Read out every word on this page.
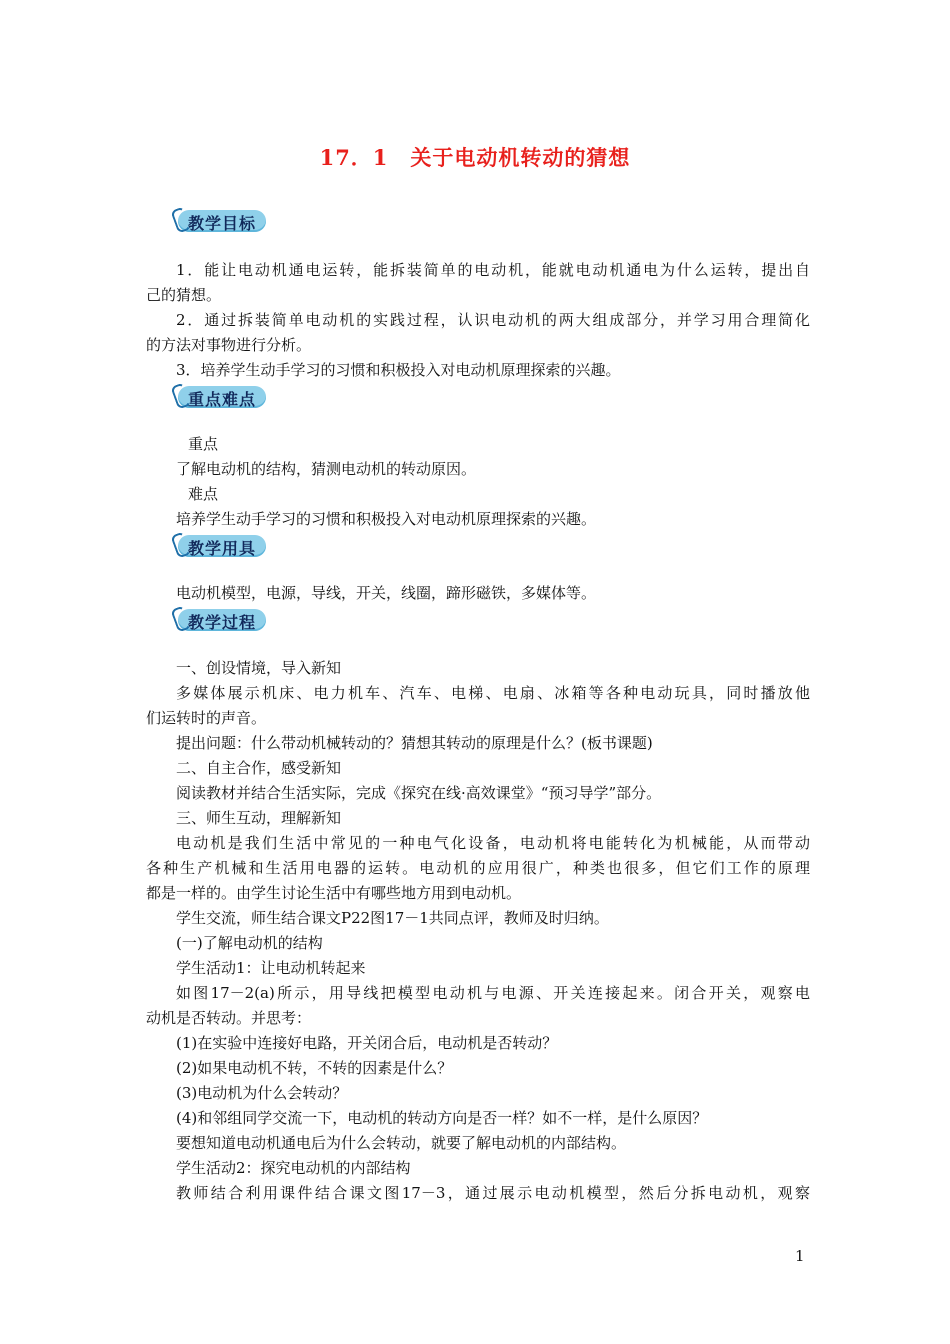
17．1　关于电动机转动的猜想
教学目标
1．能让电动机通电运转，能拆装简单的电动机，能就电动机通电为什么运转，提出自
己的猜想。
2．通过拆装简单电动机的实践过程，认识电动机的两大组成部分，并学习用合理简化
的方法对事物进行分析。
3．培养学生动手学习的习惯和积极投入对电动机原理探索的兴趣。
重点难点
重点
了解电动机的结构，猜测电动机的转动原因。
难点
培养学生动手学习的习惯和积极投入对电动机原理探索的兴趣。
教学用具
电动机模型，电源，导线，开关，线圈，蹄形磁铁，多媒体等。
教学过程
一、创设情境，导入新知
多媒体展示机床、电力机车、汽车、电梯、电扇、冰箱等各种电动玩具，同时播放他
们运转时的声音。
提出问题：什么带动机械转动的？猜想其转动的原理是什么？(板书课题)
二、自主合作，感受新知
阅读教材并结合生活实际，完成《探究在线·高效课堂》“预习导学”部分。
三、师生互动，理解新知
电动机是我们生活中常见的一种电气化设备，电动机将电能转化为机械能，从而带动
各种生产机械和生活用电器的运转。电动机的应用很广，种类也很多，但它们工作的原理
都是一样的。由学生讨论生活中有哪些地方用到电动机。
学生交流，师生结合课文P22图17－1共同点评，教师及时归纳。
(一)了解电动机的结构
学生活动1：让电动机转起来
如图17－2(a)所示，用导线把模型电动机与电源、开关连接起来。闭合开关，观察电
动机是否转动。并思考：
(1)在实验中连接好电路，开关闭合后，电动机是否转动？
(2)如果电动机不转，不转的因素是什么？
(3)电动机为什么会转动？
(4)和邻组同学交流一下，电动机的转动方向是否一样？如不一样，是什么原因？
要想知道电动机通电后为什么会转动，就要了解电动机的内部结构。
学生活动2：探究电动机的内部结构
教师结合利用课件结合课文图17－3，通过展示电动机模型，然后分拆电动机，观察
1
